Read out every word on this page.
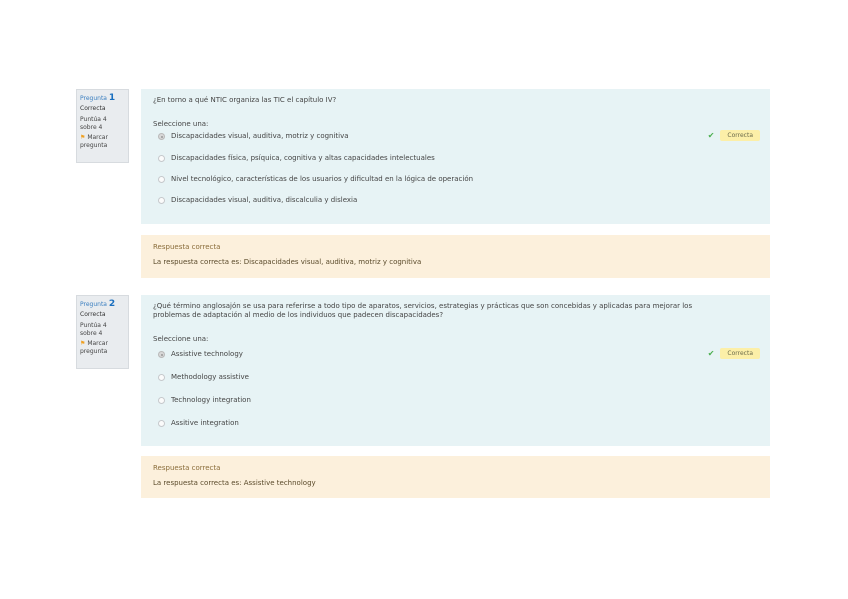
Pregunta 1
Correcta
Puntúa 4 sobre 4
⚑ Marcar pregunta
¿En torno a qué NTIC organiza las TIC el capítulo IV?
Seleccione una:
Discapacidades visual, auditiva, motriz y cognitiva	✔	Correcta
Discapacidades física, psíquica, cognitiva y altas capacidades intelectuales
Nivel tecnológico, características de los usuarios y dificultad en la lógica de operación
Discapacidades visual, auditiva, discalculia y dislexia
Respuesta correcta
La respuesta correcta es: Discapacidades visual, auditiva, motriz y cognitiva
Pregunta 2
Correcta
Puntúa 4 sobre 4
⚑ Marcar pregunta
¿Qué término anglosajón se usa para referirse a todo tipo de aparatos, servicios, estrategias y prácticas que son concebidas y aplicadas para mejorar los problemas de adaptación al medio de los individuos que padecen discapacidades?
Seleccione una:
Assistive technology	✔	Correcta
Methodology assistive
Technology integration
Assitive integration
Respuesta correcta
La respuesta correcta es: Assistive technology
